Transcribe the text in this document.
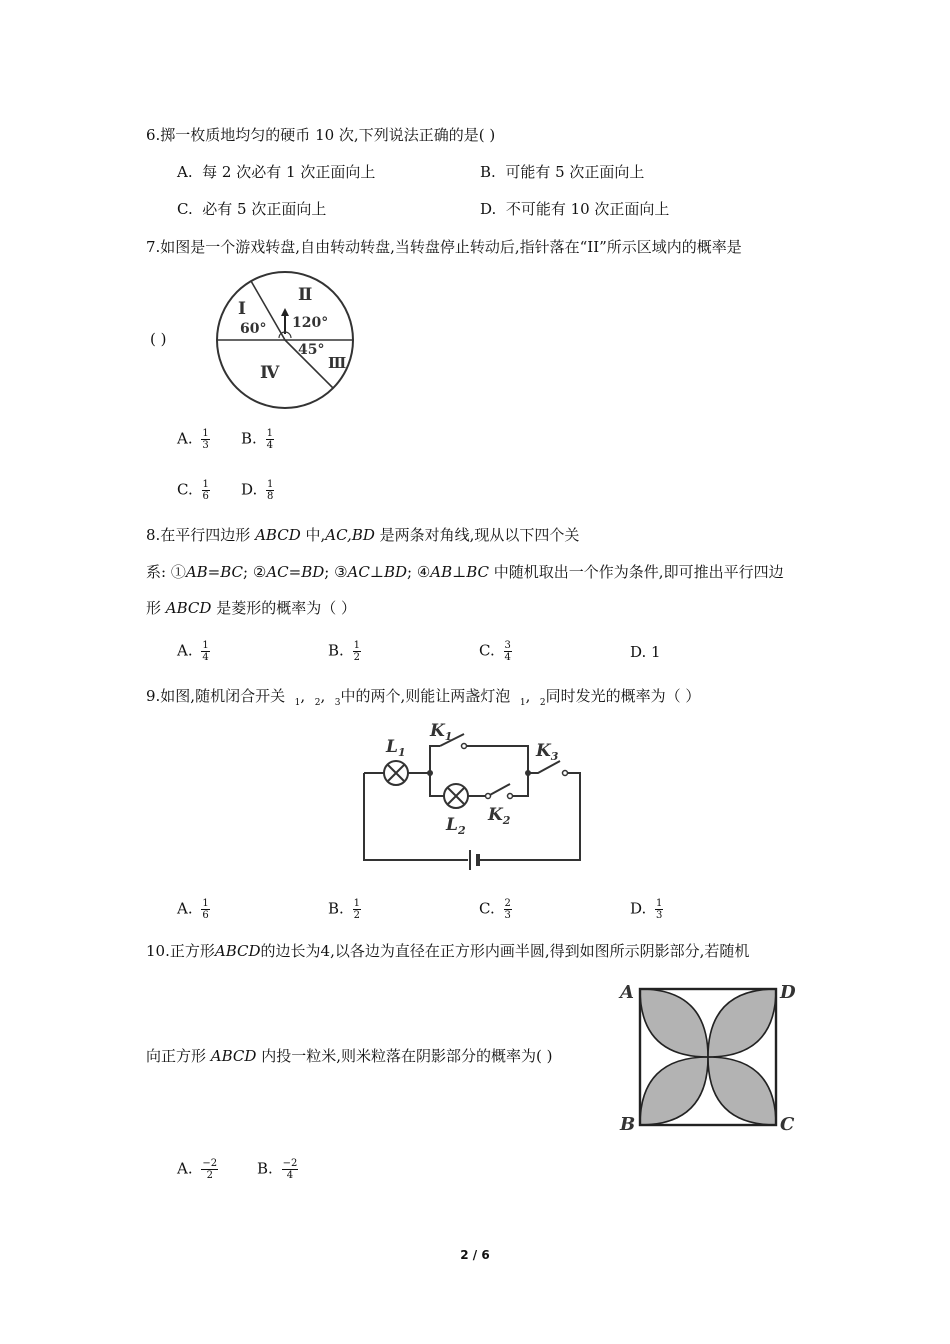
6.掷一枚质地均匀的硬币 10 次,下列说法正确的是( )
A. 每 2 次必有 1 次正面向上	B. 可能有 5 次正面向上
C. 必有 5 次正面向上	D. 不可能有 10 次正面向上
7.如图是一个游戏转盘,自由转动转盘,当转盘停止转动后,指针落在“II”所示区域内的概率是
( )
Ⅰ
Ⅱ
Ⅲ
Ⅳ
60° 120°
45°
A. $\frac{1}{3} B$. $\frac{1}{4}$
C. $\frac{1}{6} D$. $\frac{1}{8}$
8.在平行四边形 ABCD 中,AC,BD 是两条对角线,现从以下四个关
系: ①AB=BC; ②AC=BD; ③AC⊥BD; ④AB⊥BC 中随机取出一个作为条件,即可推出平行四边
形 ABCD 是菱形的概率为（ ）
A. $\frac{1}{4}$	B. $\frac{1}{2}$	C. $\frac{3}{4}$	D. 1
9.如图,随机闭合开关 $_1$, $_2$, $_3$中的两个,则能让两盏灯泡 $_1$, $_2$同时发光的概率为（ ）
$L_1$
$L_2$
$K_1$
$K_2$
$K_3$
A. $\frac{1}{6}$	B. $\frac{1}{2}$	C. $\frac{2}{3}$	D. $\frac{1}{3}$
10.正方形ABCD的边长为4,以各边为直径在正方形内画半圆,得到如图所示阴影部分,若随机
向正方形 ABCD 内投一粒米,则米粒落在阴影部分的概率为( )
A	D
B	C
A. $\frac{-2}{2}$	B. $\frac{-2}{4}$
2 / 6
